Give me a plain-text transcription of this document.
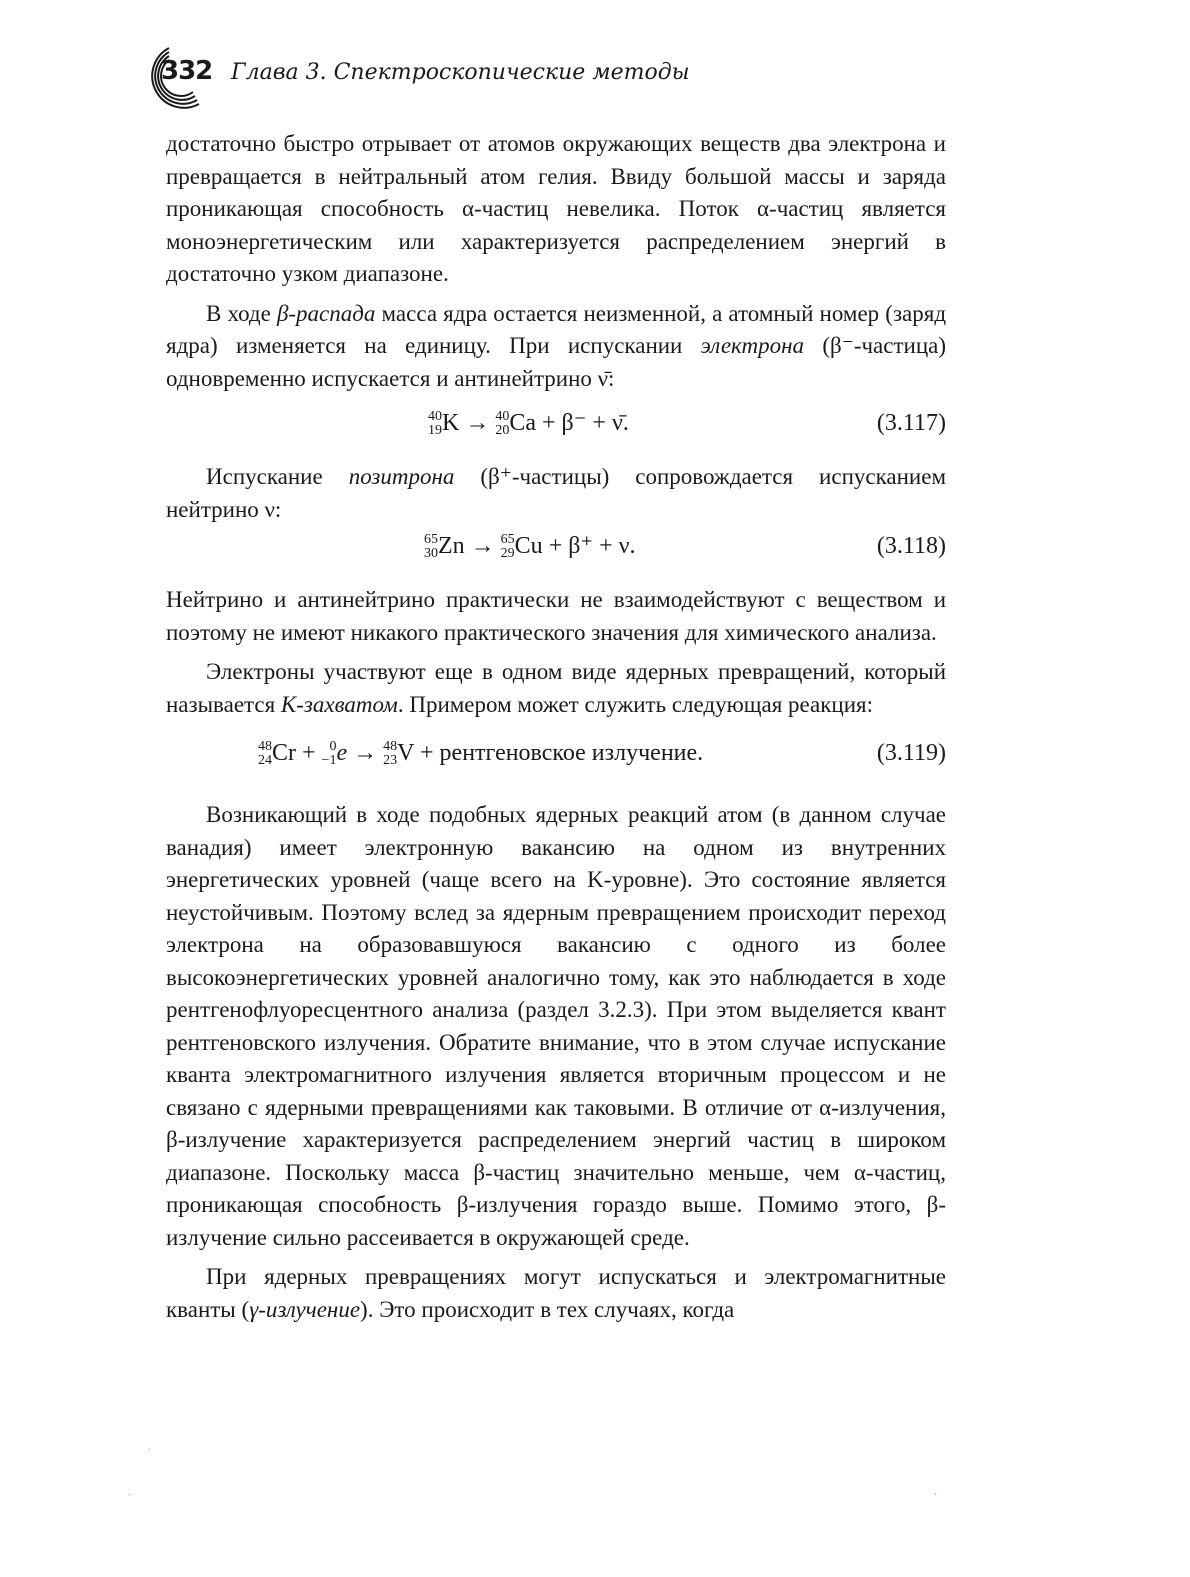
332 Глава 3. Спектроскопические методы

достаточно быстро отрывает от атомов окружающих веществ два электрона и превращается в нейтральный атом гелия. Ввиду большой массы и заряда проникающая способность α-частиц невелика. Поток α-частиц является моноэнергетическим или характеризуется распределением энергий в достаточно узком диапазоне.

В ходе β-распада масса ядра остается неизменной, а атомный номер (заряд ядра) изменяется на единицу. При испускании электрона (β⁻-частица) одновременно испускается и антинейтрино ν̄:

40
19 K → 40
20 Ca + β⁻ + ν̄.	(3.117)

Испускание позитрона (β⁺-частицы) сопровождается испусканием нейтрино ν:

65
30 Zn → 65
29 Cu + β⁺ + ν.	(3.118)

Нейтрино и антинейтрино практически не взаимодействуют с веществом и поэтому не имеют никакого практического значения для химического анализа.

Электроны участвуют еще в одном виде ядерных превращений, который называется K-захватом. Примером может служить следующая реакция:

48
24 Cr + 0
−1 e → 48
23 V + рентгеновское излучение.	(3.119)

Возникающий в ходе подобных ядерных реакций атом (в данном случае ванадия) имеет электронную вакансию на одном из внутренних энергетических уровней (чаще всего на K-уровне). Это состояние является неустойчивым. Поэтому вслед за ядерным превращением происходит переход электрона на образовавшуюся вакансию с одного из более высокоэнергетических уровней аналогично тому, как это наблюдается в ходе рентгенофлуоресцентного анализа (раздел 3.2.3). При этом выделяется квант рентгеновского излучения. Обратите внимание, что в этом случае испускание кванта электромагнитного излучения является вторичным процессом и не связано с ядерными превращениями как таковыми. В отличие от α-излучения, β-излучение характеризуется распределением энергий частиц в широком диапазоне. Поскольку масса β-частиц значительно меньше, чем α-частиц, проникающая способность β-излучения гораздо выше. Помимо этого, β-излучение сильно рассеивается в окружающей среде.

При ядерных превращениях могут испускаться и электромагнитные кванты (γ-излучение). Это происходит в тех случаях, когда

.
·	·
